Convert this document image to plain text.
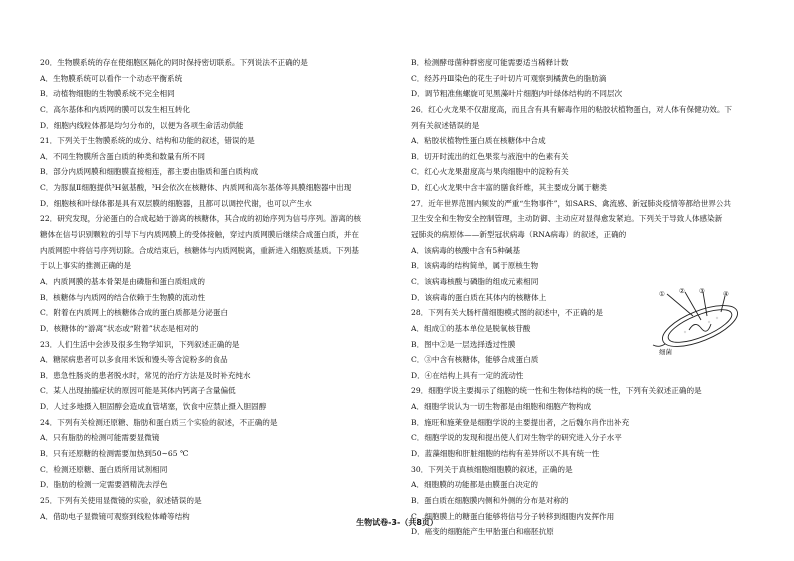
20．生物膜系统的存在使细胞区隔化的同时保持密切联系。下列说法不正确的是
A．生物膜系统可以看作一个动态平衡系统
B．动植物细胞的生物膜系统不完全相同
C．高尔基体和内质网的膜可以发生相互转化
D．细胞内线粒体都是均匀分布的，以便为各项生命活动供能
21．下列关于生物膜系统的成分、结构和功能的叙述，错误的是
A．不同生物膜所含蛋白质的种类和数量有所不同
B．部分内质网膜和细胞膜直接相连，都主要由脂质和蛋白质构成
C．为豚鼠Ⅱ细胞提供³H氨基酸，³H会依次在核糖体、内质网和高尔基体等具膜细胞器中出现
D．细胞核和叶绿体都是具有双层膜的细胞器，且都可以调控代谢，也可以产生水
22．研究发现，分泌蛋白的合成起始于游离的核糖体，其合成的初始序列为信号序列。游离的核
糖体在信号识别颗粒的引导下与内质网膜上的受体接触，穿过内质网膜后继续合成蛋白质，并在
内质网腔中将信号序列切除。合成结束后，核糖体与内质网脱离，重新进入细胞质基质。下列基
于以上事实的推测正确的是
A．内质网膜的基本骨架是由磷脂和蛋白质组成的
B．核糖体与内质网的结合依赖于生物膜的流动性
C．附着在内质网上的核糖体合成的蛋白质都是分泌蛋白
D．核糖体的“游离”状态或“附着”状态是相对的
23．人们生活中会涉及很多生物学知识，下列叙述正确的是
A．糖尿病患者可以多食用米饭和馒头等含淀粉多的食品
B．患急性肠炎的患者脱水时，常见的治疗方法是及时补充纯水
C．某人出现抽搐症状的原因可能是其体内钙离子含量偏低
D．人过多地摄入胆固醇会造成血管堵塞，饮食中应禁止摄入胆固醇
24．下列有关检测还原糖、脂肪和蛋白质三个实验的叙述，不正确的是
A．只有脂肪的检测可能需要显微镜
B．只有还原糖的检测需要加热到50~65 ℃
C．检测还原糖、蛋白质所用试剂相同
D．脂肪的检测一定需要酒精洗去浮色
25．下列有关使用显微镜的实验，叙述错误的是
A．借助电子显微镜可观察到线粒体嵴等结构
B．检测酵母菌种群密度可能需要适当稀释计数
C．经苏丹Ⅲ染色的花生子叶切片可观察到橘黄色的脂肪滴
D．调节粗准焦螺旋可见黑藻叶片细胞内叶绿体结构的不同层次
26．红心火龙果不仅甜度高，而且含有具有解毒作用的粘胶状植物蛋白，对人体有保健功效。下
列有关叙述错误的是
A．粘胶状植物性蛋白质在核糖体中合成
B．切开时流出的红色果浆与液泡中的色素有关
C．红心火龙果甜度高与果肉细胞中的淀粉有关
D．红心火龙果中含丰富的膳食纤维，其主要成分属于糖类
27．近年世界范围内频发的严重“生物事件”，如SARS、禽流感、新冠肺炎疫情等都给世界公共
卫生安全和生物安全控制管理，主动防御、主动应对显得愈发紧迫。下列关于导致人体感染新
冠肺炎的病原体——新型冠状病毒（RNA病毒）的叙述，正确的
A．该病毒的核酸中含有5种碱基
B．该病毒的结构简单，属于原核生物
C．该病毒核酸与磷脂的组成元素相同
D．该病毒的蛋白质在其体内的核糖体上
28．下列有关大肠杆菌细胞模式图的叙述中，不正确的是
A．组成①的基本单位是脱氧核苷酸
B．图中②是一层选择透过性膜
C．③中含有核糖体，能够合成蛋白质
D．④在结构上具有一定的流动性
29．细胞学说主要揭示了细胞的统一性和生物体结构的统一性，下列有关叙述正确的是
A．细胞学说认为一切生物都是由细胞和细胞产物构成
B．施旺和施莱登是细胞学说的主要提出者，之后魏尔肖作出补充
C．细胞学说的发现和提出使人们对生物学的研究进入分子水平
D．蓝藻细胞和肝脏细胞的结构有差异所以不具有统一性
30．下列关于真核细胞细胞膜的叙述，正确的是
A．细胞膜的功能都是由膜蛋白决定的
B．蛋白质在细胞膜内侧和外侧的分布是对称的
C．细胞膜上的糖蛋白能够将信号分子转移到细胞内发挥作用
D．癌变的细胞能产生甲胎蛋白和癌胚抗原
① ② ③	④
细菌
生物试卷-3-（共8页）
